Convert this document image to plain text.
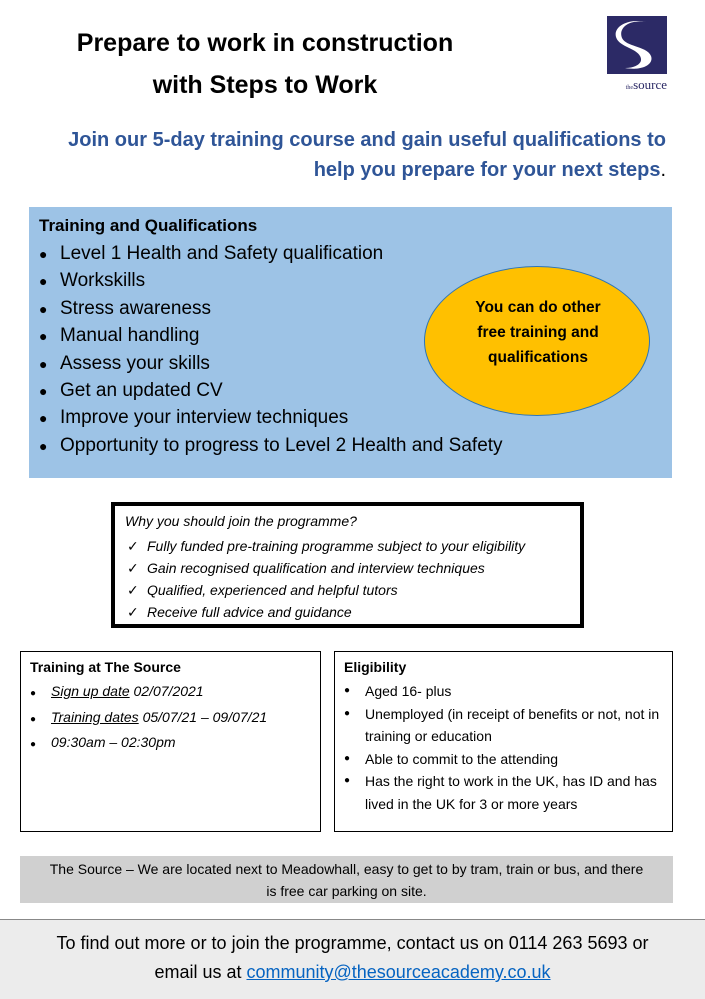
Prepare to work in construction
with Steps to Work	thesource
Join our 5-day training course and gain useful qualifications to
help you prepare for your next steps.
Training and Qualifications
● Level 1 Health and Safety qualification
● Workskills
● Stress awareness
● Manual handling
● Assess your skills
● Get an updated CV
● Improve your interview techniques
● Opportunity to progress to Level 2 Health and Safety
You can do other
free training and
qualifications
Why you should join the programme?
✓ Fully funded pre-training programme subject to your eligibility
✓ Gain recognised qualification and interview techniques
✓ Qualified, experienced and helpful tutors
✓ Receive full advice and guidance
Training at The Source
● Sign up date 02/07/2021
● Training dates 05/07/21 – 09/07/21
● 09:30am – 02:30pm
Eligibility
●	Aged 16- plus
●	Unemployed (in receipt of benefits or not, not in training or education
●	Able to commit to the attending
●	Has the right to work in the UK, has ID and has lived in the UK for 3 or more years
The Source – We are located next to Meadowhall, easy to get to by tram, train or bus, and there
is free car parking on site.
To find out more or to join the programme, contact us on 0114 263 5693 or
email us at community@thesourceacademy.co.uk
